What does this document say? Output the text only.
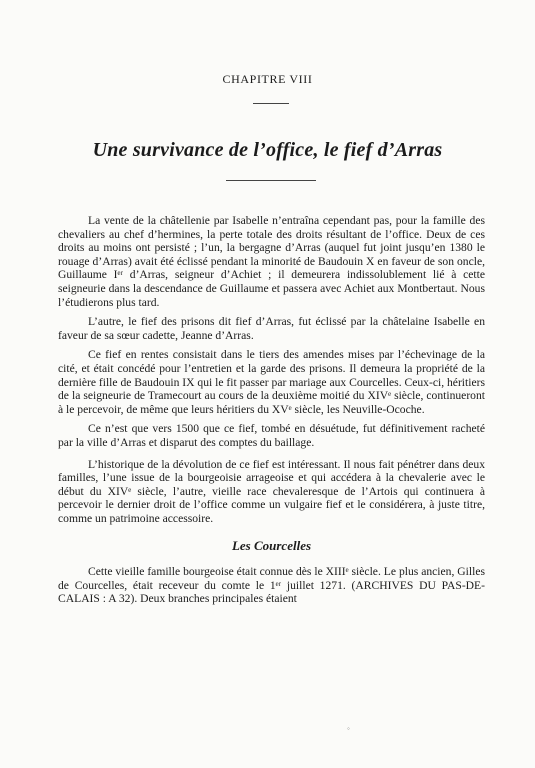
CHAPITRE VIII
Une survivance de l’office, le fief d’Arras

La vente de la châtellenie par Isabelle n’entraîna cependant pas, pour la famille des chevaliers au chef d’hermines, la perte totale des droits résultant de l’office. Deux de ces droits au moins ont persisté ; l’un, la bergagne d’Arras (auquel fut joint jusqu’en 1380 le rouage d’Arras) avait été éclissé pendant la minorité de Baudouin X en faveur de son oncle, Guillaume Iᵉʳ d’Arras, seigneur d’Achiet ; il demeurera indissolublement lié à cette seigneurie dans la descendance de Guillaume et passera avec Achiet aux Montbertaut. Nous l’étudierons plus tard.

L’autre, le fief des prisons dit fief d’Arras, fut éclissé par la châtelaine Isabelle en faveur de sa sœur cadette, Jeanne d’Arras.

Ce fief en rentes consistait dans le tiers des amendes mises par l’échevinage de la cité, et était concédé pour l’entretien et la garde des prisons. Il demeura la propriété de la dernière fille de Baudouin IX qui le fit passer par mariage aux Courcelles. Ceux-ci, héritiers de la seigneurie de Tramecourt au cours de la deuxième moitié du XIVᵉ siècle, continueront à le percevoir, de même que leurs héritiers du XVᵉ siècle, les Neuville-Ocoche.

Ce n’est que vers 1500 que ce fief, tombé en désuétude, fut définitivement racheté par la ville d’Arras et disparut des comptes du baillage.

L’historique de la dévolution de ce fief est intéressant. Il nous fait pénétrer dans deux familles, l’une issue de la bourgeoisie arrageoise et qui accédera à la chevalerie avec le début du XIVᵉ siècle, l’autre, vieille race chevaleresque de l’Artois qui continuera à percevoir le dernier droit de l’office comme un vulgaire fief et le considérera, à juste titre, comme un patrimoine accessoire.

Les Courcelles

Cette vieille famille bourgeoise était connue dès le XIIIᵉ siècle. Le plus ancien, Gilles de Courcelles, était receveur du comte le 1ᵉʳ juillet 1271. (ARCHIVES DU PAS-DE-CALAIS : A 32). Deux branches principales étaient

◦
